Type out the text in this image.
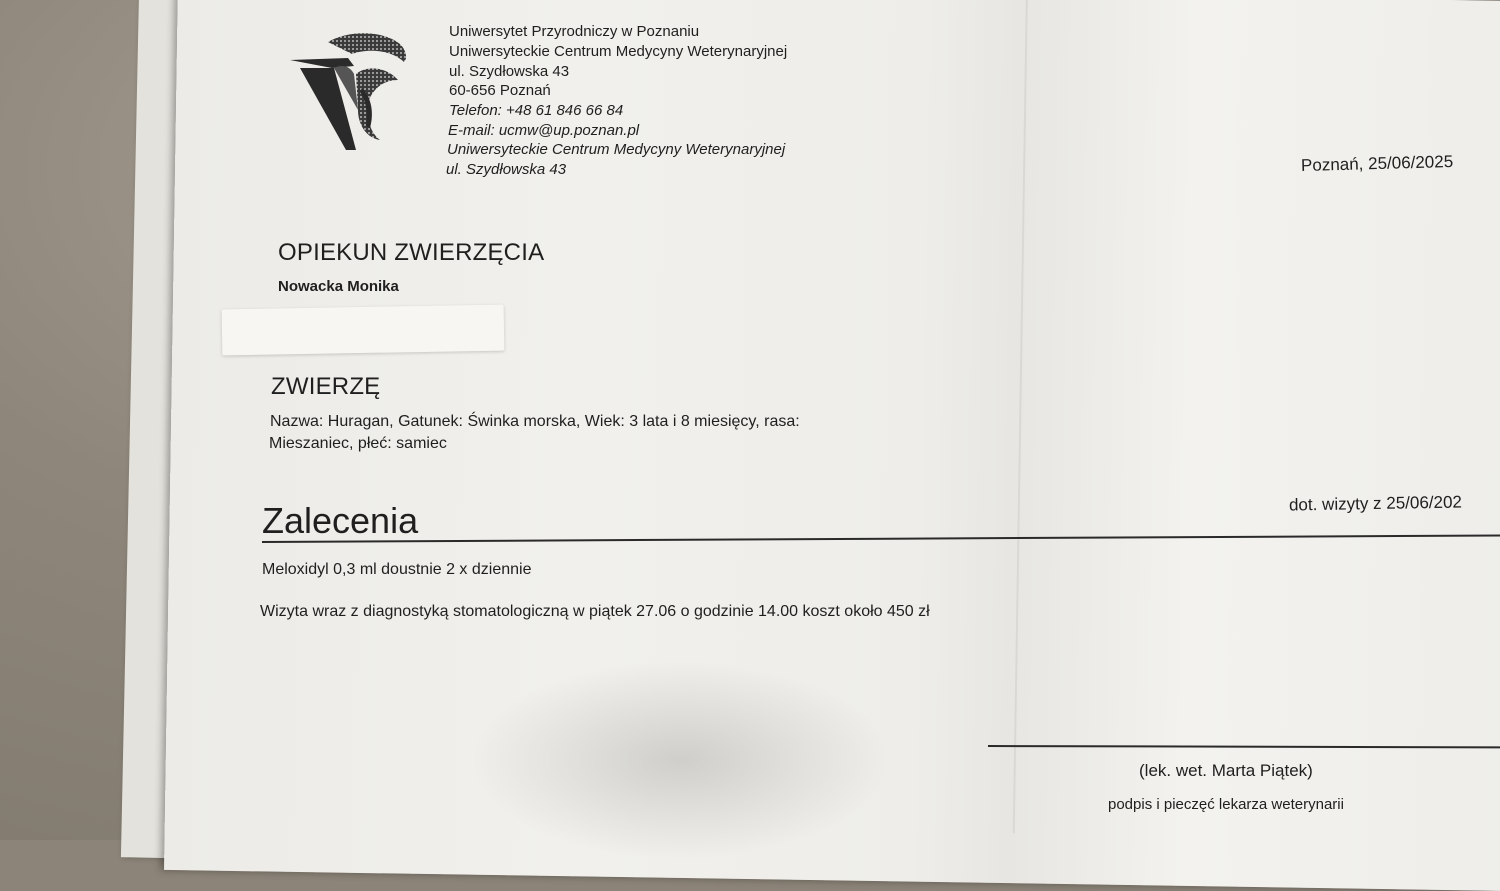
Uniwersytet Przyrodniczy w Poznaniu
Uniwersyteckie Centrum Medycyny Weterynaryjnej
ul. Szydłowska 43
60-656 Poznań
Telefon: +48 61 846 66 84
E-mail: ucmw@up.poznan.pl
Uniwersyteckie Centrum Medycyny Weterynaryjnej
ul. Szydłowska 43	Poznań, 25/06/2025
OPIEKUN ZWIERZĘCIA
Nowacka Monika
ZWIERZĘ
Nazwa: Huragan, Gatunek: Świnka morska, Wiek: 3 lata i 8 miesięcy, rasa:
Mieszaniec, płeć: samiec
Zalecenia	dot. wizyty z 25/06/202
Meloxidyl 0,3 ml doustnie 2 x dziennie
Wizyta wraz z diagnostyką stomatologiczną w piątek 27.06 o godzinie 14.00 koszt około 450 zł
(lek. wet. Marta Piątek)
podpis i pieczęć lekarza weterynarii
